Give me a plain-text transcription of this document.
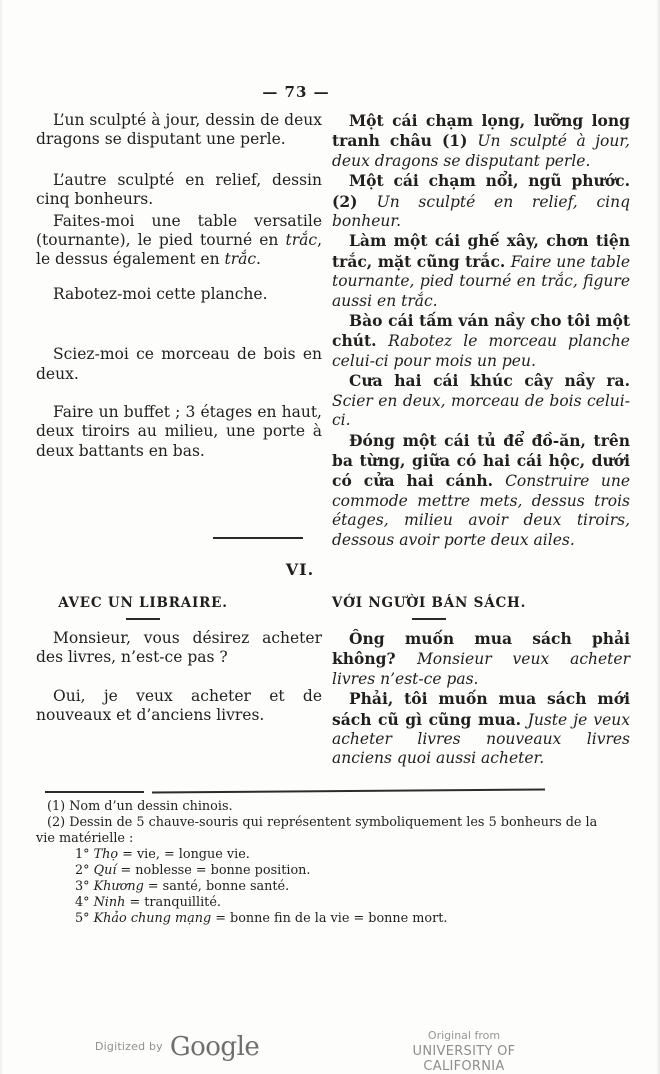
— 73 —

L’un sculpté à jour, dessin de deux dragons se disputant une perle.

L’autre sculpté en relief, dessin cinq bonheurs.

Faites-moi une table versatile (tournante), le pied tourné en trắc, le dessus également en trắc.

Rabotez-moi cette planche.

Sciez-moi ce morceau de bois en deux.

Faire un buffet ; 3 étages en haut, deux tiroirs au milieu, une porte à deux battants en bas.

Một cái chạm lọng, lưỡng long tranh châu (1) Un sculpté à jour, deux dragons se disputant perle.

Một cái chạm nổi, ngũ phước. (2) Un sculpté en relief, cinq bonheur.

Làm một cái ghế xây, chơn tiện trắc, mặt cũng trắc. Faire une table tournante, pied tourné en trắc, figure aussi en trắc.

Bào cái tấm ván nầy cho tôi một chút. Rabotez le morceau planche celui-ci pour mois un peu.

Cưa hai cái khúc cây nầy ra. Scier en deux, morceau de bois celui-ci.

Đóng một cái tủ để đồ-ăn, trên ba từng, giữa có hai cái hộc, dưới có cửa hai cánh. Construire une commode mettre mets, dessus trois étages, milieu avoir deux tiroirs, dessous avoir porte deux ailes.

VI.
AVEC UN LIBRAIRE.	VỚI NGƯỜI BÁN SÁCH.

Monsieur, vous désirez acheter des livres, n’est-ce pas ?

Oui, je veux acheter et de nouveaux et d’anciens livres.

Ông muốn mua sách phải không? Monsieur veux acheter livres n’est-ce pas.

Phải, tôi muốn mua sách mới sách cũ gì cũng mua. Juste je veux acheter livres nouveaux livres anciens quoi aussi acheter.

(1) Nom d’un dessin chinois.

(2) Dessin de 5 chauve-souris qui représentent symboliquement les 5 bonheurs de la vie matérielle :

1° Thọ = vie, = longue vie.

2° Quí = noblesse = bonne position.

3° Khương = santé, bonne santé.

4° Ninh = tranquillité.

5° Khảo chung mạng = bonne fin de la vie = bonne mort.

Digitized by Google	Original from
UNIVERSITY OF CALIFORNIA
